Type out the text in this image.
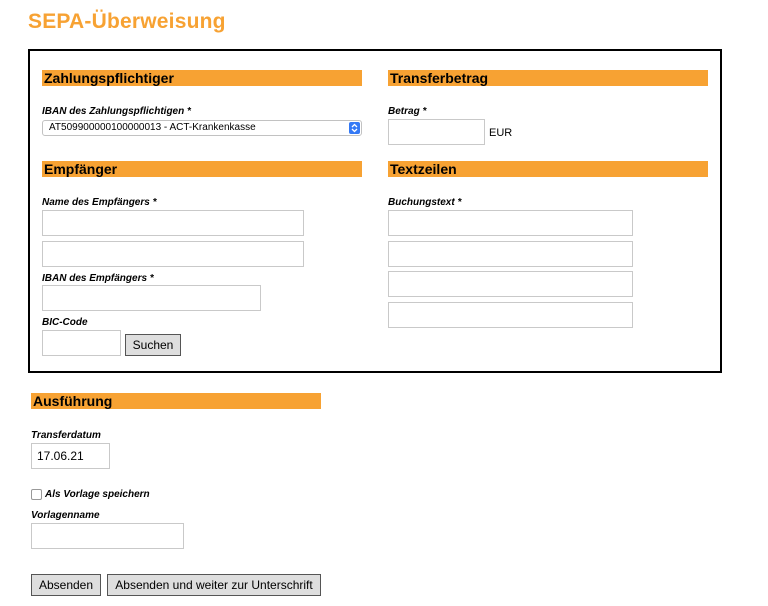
SEPA-Überweisung
Zahlungspflichtiger
IBAN des Zahlungspflichtigen *
AT509900000100000013 - ACT-Krankenkasse
Transferbetrag
Betrag *
EUR
Empfänger
Name des Empfängers *
IBAN des Empfängers *
BIC-Code
Suchen
Textzeilen
Buchungstext *
Ausführung
Transferdatum
17.06.21
Als Vorlage speichern
Vorlagenname
Absenden	Absenden und weiter zur Unterschrift
